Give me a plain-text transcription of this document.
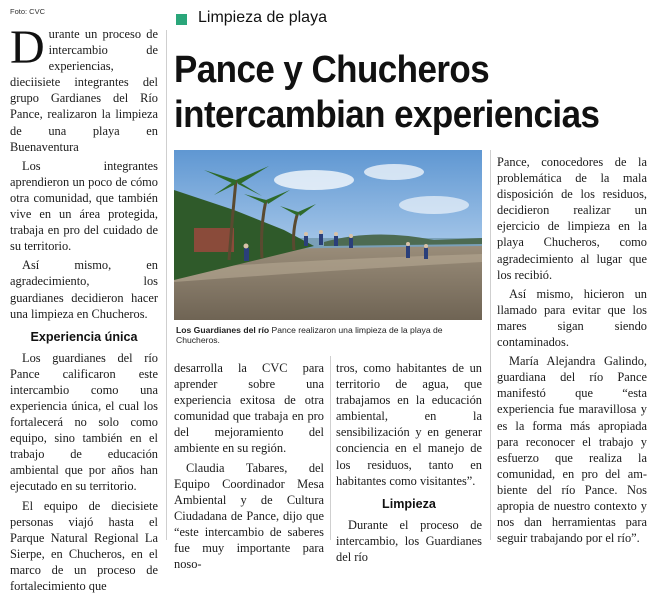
Foto: CVC	Limpieza de playa
Pance y Chucheros
intercambian experiencias

Durante un proceso de intercambio de experiencias, dieciisiete integrantes del grupo Gardianes del Río Pance, realizaron la limpieza de una playa en Buenaventura

Los integrantes aprendieron un poco de cómo otra comunidad, que también vive en un área protegida, trabaja en pro del cuidado de su territorio.

Así mismo, en agradecimiento, los guardianes decidieron hacer una limpieza en Chucheros.

Experiencia única

Los guardianes del río Pance calificaron este intercambio como una experiencia única, el cual los fortalecerá no solo como equipo, sino también en el trabajo de educación ambiental que por años han ejecutado en su territorio.

El equipo de diecisiete personas viajó hasta el Parque Natural Regional La Sierpe, en Chucheros, en el marco de un proceso de fortalecimiento que

Los Guardianes del río Pance realizaron una limpieza de la playa de Chucheros.

desarrolla la CVC para aprender sobre una experiencia exitosa de otra comunidad que trabaja en pro del mejoramiento del ambiente en su región.

Claudia Tabares, del Equipo Coordinador Mesa Ambiental y de Cultura Ciudadana de Pance, dijo que “este intercambio de saberes fue muy importante para noso-

tros, como habitantes de un territorio de agua, que trabajamos en la educación ambiental, en la sensibilización y en generar conciencia en el manejo de los residuos, tanto en habitantes como visitantes”.

Limpieza

Durante el proceso de intercambio, los Guardianes del río

Pance, conocedores de la problemática de la mala disposición de los residuos, decidieron realizar un ejercicio de limpieza en la playa Chucheros, como agradecimiento al lugar que los recibió.

Así mismo, hicieron un llamado para evitar que los mares sigan siendo contaminados.

María Alejandra Galindo, guardiana del río Pance manifestó que “esta experiencia fue maravillosa y es la forma más apropiada para reconocer el trabajo y esfuerzo que realiza la comunidad, en pro del am-biente del río Pance. Nos apropia de nuestro contexto y nos dan herramientas para seguir trabajando por el río”.
